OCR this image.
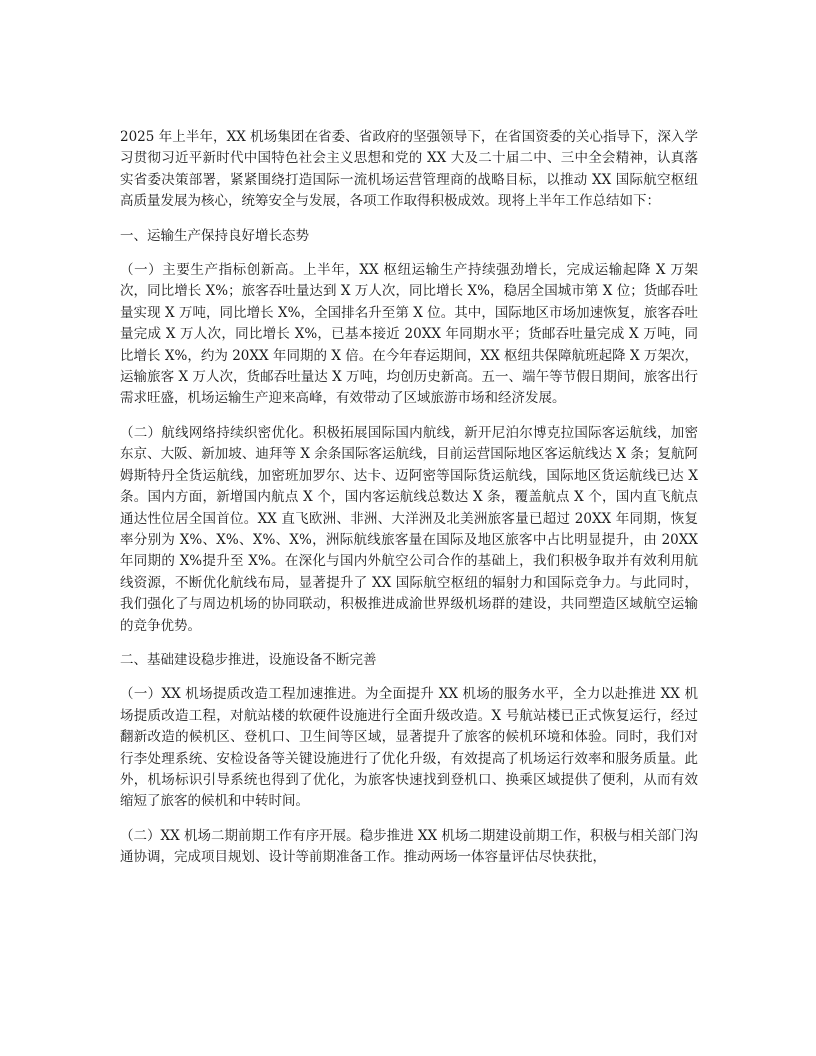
2025 年上半年，XX 机场集团在省委、省政府的坚强领导下，在省国资委的关心指导下，深入学习贯彻习近平新时代中国特色社会主义思想和党的 XX 大及二十届二中、三中全会精神，认真落实省委决策部署，紧紧围绕打造国际一流机场运营管理商的战略目标，以推动 XX 国际航空枢纽高质量发展为核心，统筹安全与发展，各项工作取得积极成效。现将上半年工作总结如下：

一、运输生产保持良好增长态势

（一）主要生产指标创新高。上半年，XX 枢纽运输生产持续强劲增长，完成运输起降 X 万架次，同比增长 X%；旅客吞吐量达到 X 万人次，同比增长 X%，稳居全国城市第 X 位；货邮吞吐量实现 X 万吨，同比增长 X%，全国排名升至第 X 位。其中，国际地区市场加速恢复，旅客吞吐量完成 X 万人次，同比增长 X%，已基本接近 20XX 年同期水平；货邮吞吐量完成 X 万吨，同比增长 X%，约为 20XX 年同期的 X 倍。在今年春运期间，XX 枢纽共保障航班起降 X 万架次，运输旅客 X 万人次，货邮吞吐量达 X 万吨，均创历史新高。五一、端午等节假日期间，旅客出行需求旺盛，机场运输生产迎来高峰，有效带动了区域旅游市场和经济发展。

（二）航线网络持续织密优化。积极拓展国际国内航线，新开尼泊尔博克拉国际客运航线，加密东京、大阪、新加坡、迪拜等 X 余条国际客运航线，目前运营国际地区客运航线达 X 条；复航阿姆斯特丹全货运航线，加密班加罗尔、达卡、迈阿密等国际货运航线，国际地区货运航线已达 X 条。国内方面，新增国内航点 X 个，国内客运航线总数达 X 条，覆盖航点 X 个，国内直飞航点通达性位居全国首位。XX 直飞欧洲、非洲、大洋洲及北美洲旅客量已超过 20XX 年同期，恢复率分别为 X%、X%、X%、X%，洲际航线旅客量在国际及地区旅客中占比明显提升，由 20XX 年同期的 X%提升至 X%。在深化与国内外航空公司合作的基础上，我们积极争取并有效利用航线资源，不断优化航线布局，显著提升了 XX 国际航空枢纽的辐射力和国际竞争力。与此同时，我们强化了与周边机场的协同联动，积极推进成渝世界级机场群的建设，共同塑造区域航空运输的竞争优势。

二、基础建设稳步推进，设施设备不断完善

（一）XX 机场提质改造工程加速推进。为全面提升 XX 机场的服务水平，全力以赴推进 XX 机场提质改造工程，对航站楼的软硬件设施进行全面升级改造。X 号航站楼已正式恢复运行，经过翻新改造的候机区、登机口、卫生间等区域，显著提升了旅客的候机环境和体验。同时，我们对行李处理系统、安检设备等关键设施进行了优化升级，有效提高了机场运行效率和服务质量。此外，机场标识引导系统也得到了优化，为旅客快速找到登机口、换乘区域提供了便利，从而有效缩短了旅客的候机和中转时间。

（二）XX 机场二期前期工作有序开展。稳步推进 XX 机场二期建设前期工作，积极与相关部门沟通协调，完成项目规划、设计等前期准备工作。推动两场一体容量评估尽快获批，
